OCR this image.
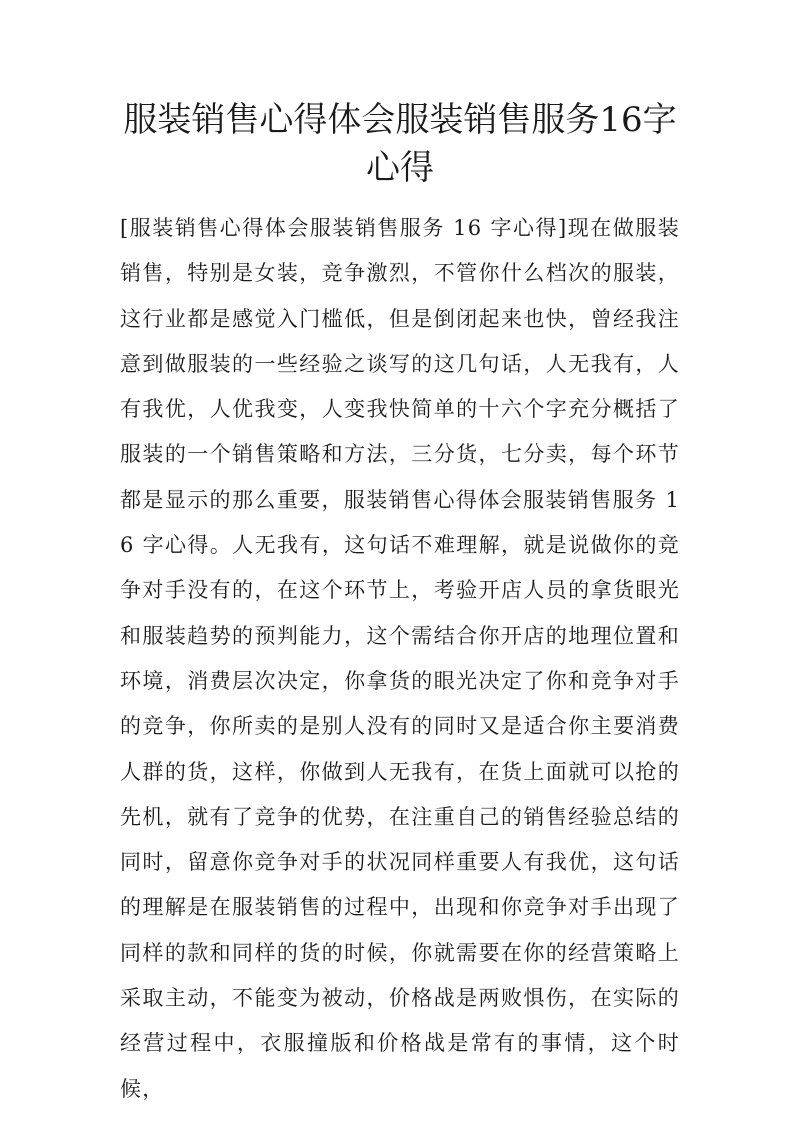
服装销售心得体会服装销售服务16字心得

[服装销售心得体会服装销售服务 16 字心得]现在做服装销售，特别是女装，竞争激烈，不管你什么档次的服装，这行业都是感觉入门槛低，但是倒闭起来也快，曾经我注意到做服装的一些经验之谈写的这几句话，人无我有，人有我优，人优我变，人变我快简单的十六个字充分概括了服装的一个销售策略和方法，三分货，七分卖，每个环节都是显示的那么重要，服装销售心得体会服装销售服务 16 字心得。人无我有，这句话不难理解，就是说做你的竞争对手没有的，在这个环节上，考验开店人员的拿货眼光和服装趋势的预判能力，这个需结合你开店的地理位置和环境，消费层次决定，你拿货的眼光决定了你和竞争对手的竞争，你所卖的是别人没有的同时又是适合你主要消费人群的货，这样，你做到人无我有，在货上面就可以抢的先机，就有了竞争的优势，在注重自己的销售经验总结的同时，留意你竞争对手的状况同样重要人有我优，这句话的理解是在服装销售的过程中，出现和你竞争对手出现了同样的款和同样的货的时候，你就需要在你的经营策略上采取主动，不能变为被动，价格战是两败惧伤，在实际的经营过程中，衣服撞版和价格战是常有的事情，这个时候，
